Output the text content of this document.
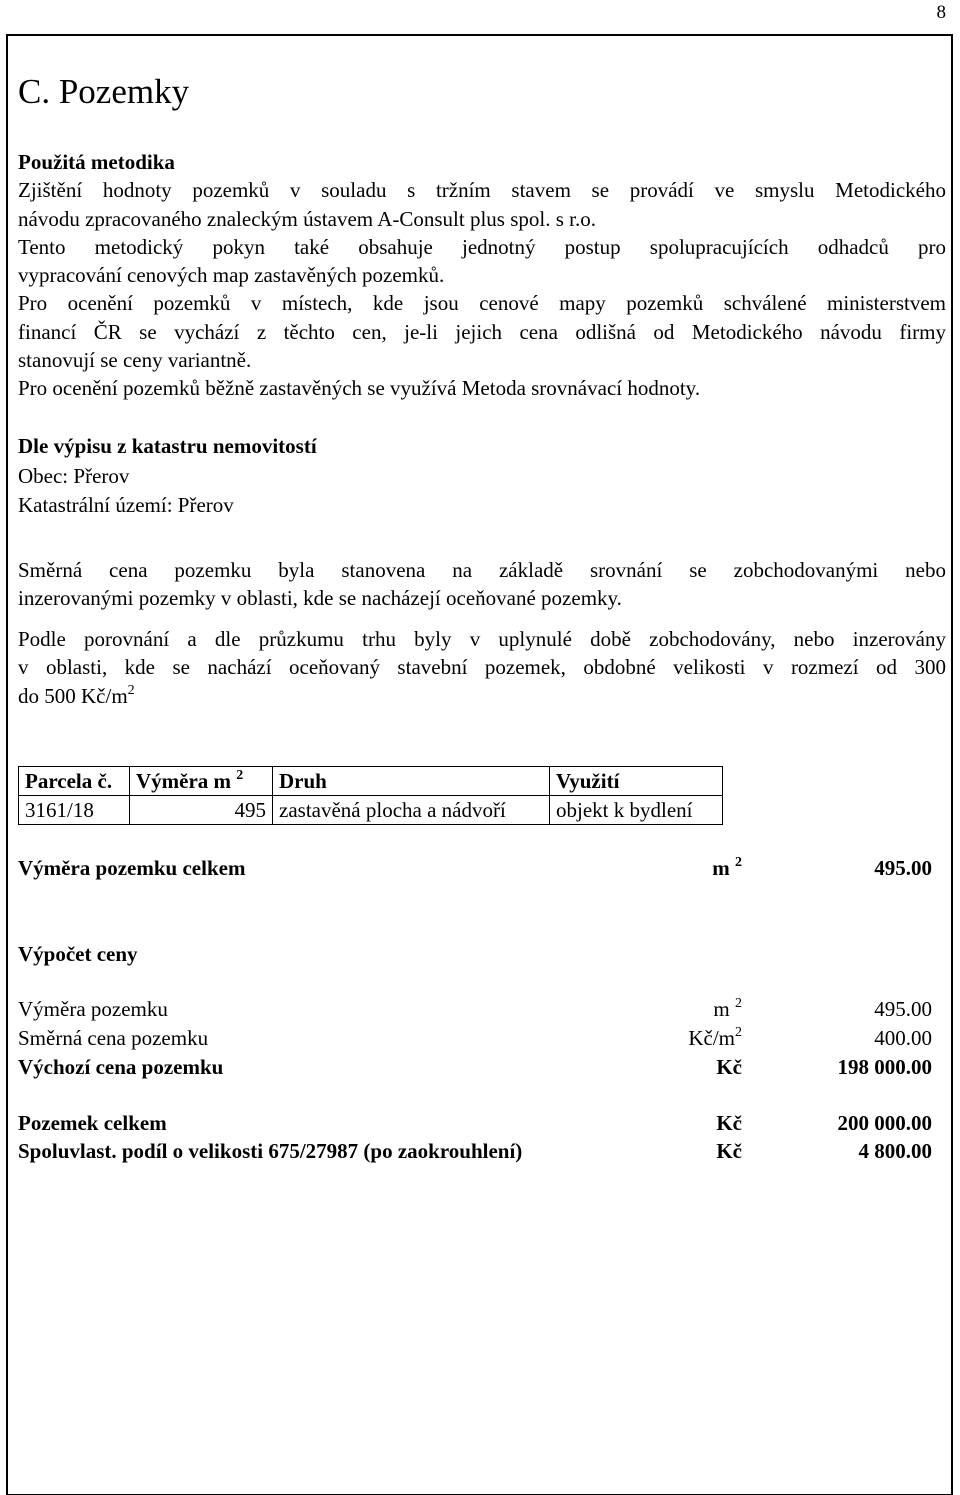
8
C. Pozemky

Použitá metodika

Zjištění hodnoty pozemků v souladu s tržním stavem se provádí ve smyslu Metodického

návodu zpracovaného znaleckým ústavem A-Consult plus spol. s r.o.

Tento metodický pokyn také obsahuje jednotný postup spolupracujících odhadců pro

vypracování cenových map zastavěných pozemků.

Pro ocenění pozemků v místech, kde jsou cenové mapy pozemků schválené ministerstvem

financí ČR se vychází z těchto cen, je-li jejich cena odlišná od Metodického návodu firmy

stanovují se ceny variantně.

Pro ocenění pozemků běžně zastavěných se využívá Metoda srovnávací hodnoty.

Dle výpisu z katastru nemovitostí
Obec: Přerov
Katastrální území: Přerov

Směrná cena pozemku byla stanovena na základě srovnání se zobchodovanými nebo

inzerovanými pozemky v oblasti, kde se nacházejí oceňované pozemky.

Podle porovnání a dle průzkumu trhu byly v uplynulé době zobchodovány, nebo inzerovány

v oblasti, kde se nachází oceňovaný stavební pozemek, obdobné velikosti v rozmezí od 300

do 500 $Kč/m^2$

Parcela č.	Výměra m $^2$	Druh	Využití
3161/18	495	zastavěná plocha a nádvoří	objekt k bydlení
Výměra pozemku celkem	m $^2$	495.00
Výpočet ceny
Výměra pozemku	m $^2$	495.00
Směrná cena pozemku	$Kč/m^2$	400.00
Výchozí cena pozemku	Kč	198 000.00
Pozemek celkem	Kč	200 000.00
Spoluvlast. podíl o velikosti 675/27987 (po zaokrouhlení)	Kč	4 800.00
